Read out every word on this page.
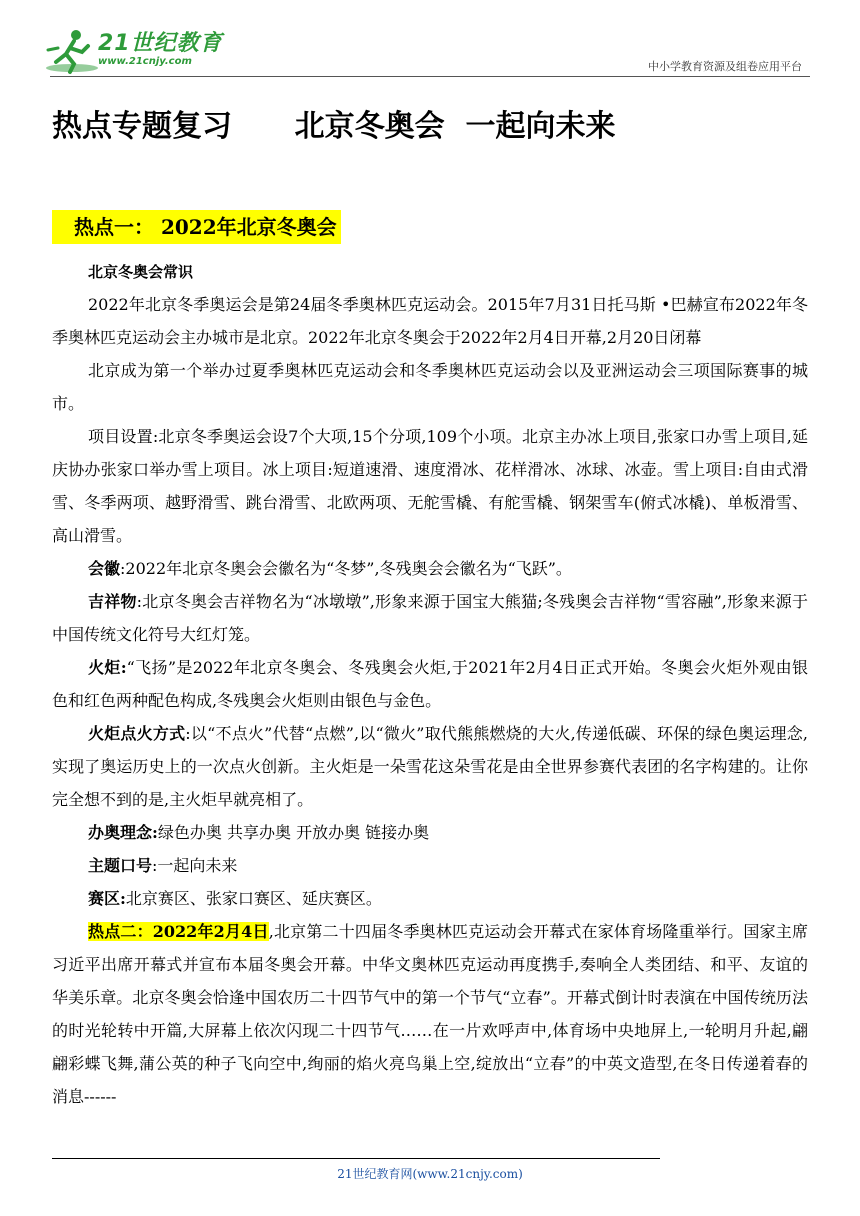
21世纪教育
www.21cnjy.com	中小学教育资源及组卷应用平台
热点专题复习      北京冬奥会  一起向未来
热点一： 2022年北京冬奥会
北京冬奥会常识

2022年北京冬季奥运会是第24届冬季奥林匹克运动会。2015年7月31日托马斯 •巴赫宣布2022年冬季奥林匹克运动会主办城市是北京。2022年北京冬奥会于2022年2月4日开幕,2月20日闭幕

北京成为第一个举办过夏季奥林匹克运动会和冬季奥林匹克运动会以及亚洲运动会三项国际赛事的城市。

项目设置:北京冬季奥运会设7个大项,15个分项,109个小项。北京主办冰上项目,张家口办雪上项目,延庆协办张家口举办雪上项目。冰上项目:短道速滑、速度滑冰、花样滑冰、冰球、冰壶。雪上项目:自由式滑雪、冬季两项、越野滑雪、跳台滑雪、北欧两项、无舵雪橇、有舵雪橇、钢架雪车(俯式冰橇)、单板滑雪、高山滑雪。

会徽:2022年北京冬奥会会徽名为“冬梦”,冬残奥会会徽名为“飞跃”。

吉祥物:北京冬奥会吉祥物名为“冰墩墩”,形象来源于国宝大熊猫;冬残奥会吉祥物“雪容融”,形象来源于中国传统文化符号大红灯笼。

火炬:“飞扬”是2022年北京冬奥会、冬残奥会火炬,于2021年2月4日正式开始。冬奥会火炬外观由银色和红色两种配色构成,冬残奥会火炬则由银色与金色。

火炬点火方式:以“不点火”代替“点燃”,以“微火”取代熊熊燃烧的大火,传递低碳、环保的绿色奥运理念,实现了奥运历史上的一次点火创新。主火炬是一朵雪花这朵雪花是由全世界参赛代表团的名字构建的。让你完全想不到的是,主火炬早就亮相了。

办奥理念:绿色办奥 共享办奥 开放办奥 链接办奥

主题口号:一起向未来

赛区:北京赛区、张家口赛区、延庆赛区。

热点二：2022年2月4日,北京第二十四届冬季奥林匹克运动会开幕式在家体育场隆重举行。国家主席习近平出席开幕式并宣布本届冬奥会开幕。中华文奥林匹克运动再度携手,奏响全人类团结、和平、友谊的华美乐章。北京冬奥会恰逢中国农历二十四节气中的第一个节气“立春”。开幕式倒计时表演在中国传统历法的时光轮转中开篇,大屏幕上依次闪现二十四节气……在一片欢呼声中,体育场中央地屏上,一轮明月升起,翩翩彩蝶飞舞,蒲公英的种子飞向空中,绚丽的焰火亮鸟巢上空,绽放出“立春”的中英文造型,在冬日传递着春的消息------

21世纪教育网(www.21cnjy.com)
